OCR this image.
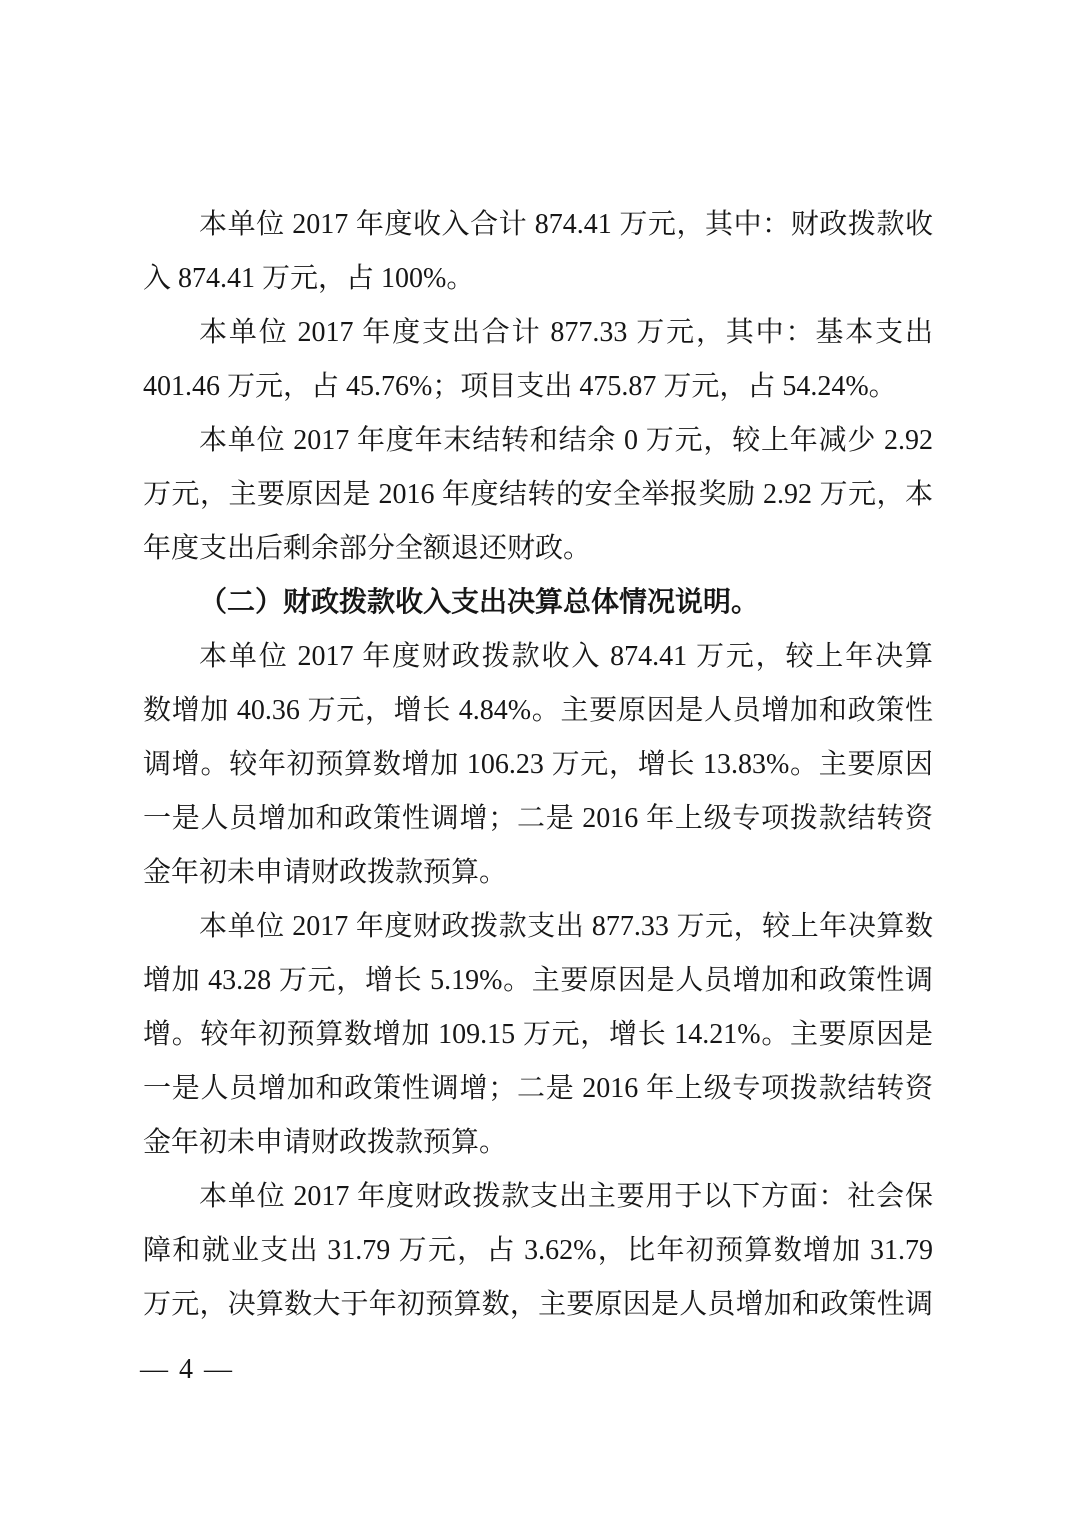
本单位 2017 年度收入合计 874.41 万元，其中：财政拨款收
入 874.41 万元，占 100%。
本单位 2017 年度支出合计 877.33 万元，其中：基本支出
401.46 万元，占 45.76%；项目支出 475.87 万元，占 54.24%。
本单位 2017 年度年末结转和结余 0 万元，较上年减少 2.92
万元，主要原因是 2016 年度结转的安全举报奖励 2.92 万元，本
年度支出后剩余部分全额退还财政。
（二）财政拨款收入支出决算总体情况说明。
本单位 2017 年度财政拨款收入 874.41 万元，较上年决算
数增加 40.36 万元，增长 4.84%。主要原因是人员增加和政策性
调增。较年初预算数增加 106.23 万元，增长 13.83%。主要原因
一是人员增加和政策性调增；二是 2016 年上级专项拨款结转资
金年初未申请财政拨款预算。
本单位 2017 年度财政拨款支出 877.33 万元，较上年决算数
增加 43.28 万元，增长 5.19%。主要原因是人员增加和政策性调
增。较年初预算数增加 109.15 万元，增长 14.21%。主要原因是
一是人员增加和政策性调增；二是 2016 年上级专项拨款结转资
金年初未申请财政拨款预算。
本单位 2017 年度财政拨款支出主要用于以下方面：社会保
障和就业支出 31.79 万元，占 3.62%，比年初预算数增加 31.79
万元，决算数大于年初预算数，主要原因是人员增加和政策性调
— 4 —
